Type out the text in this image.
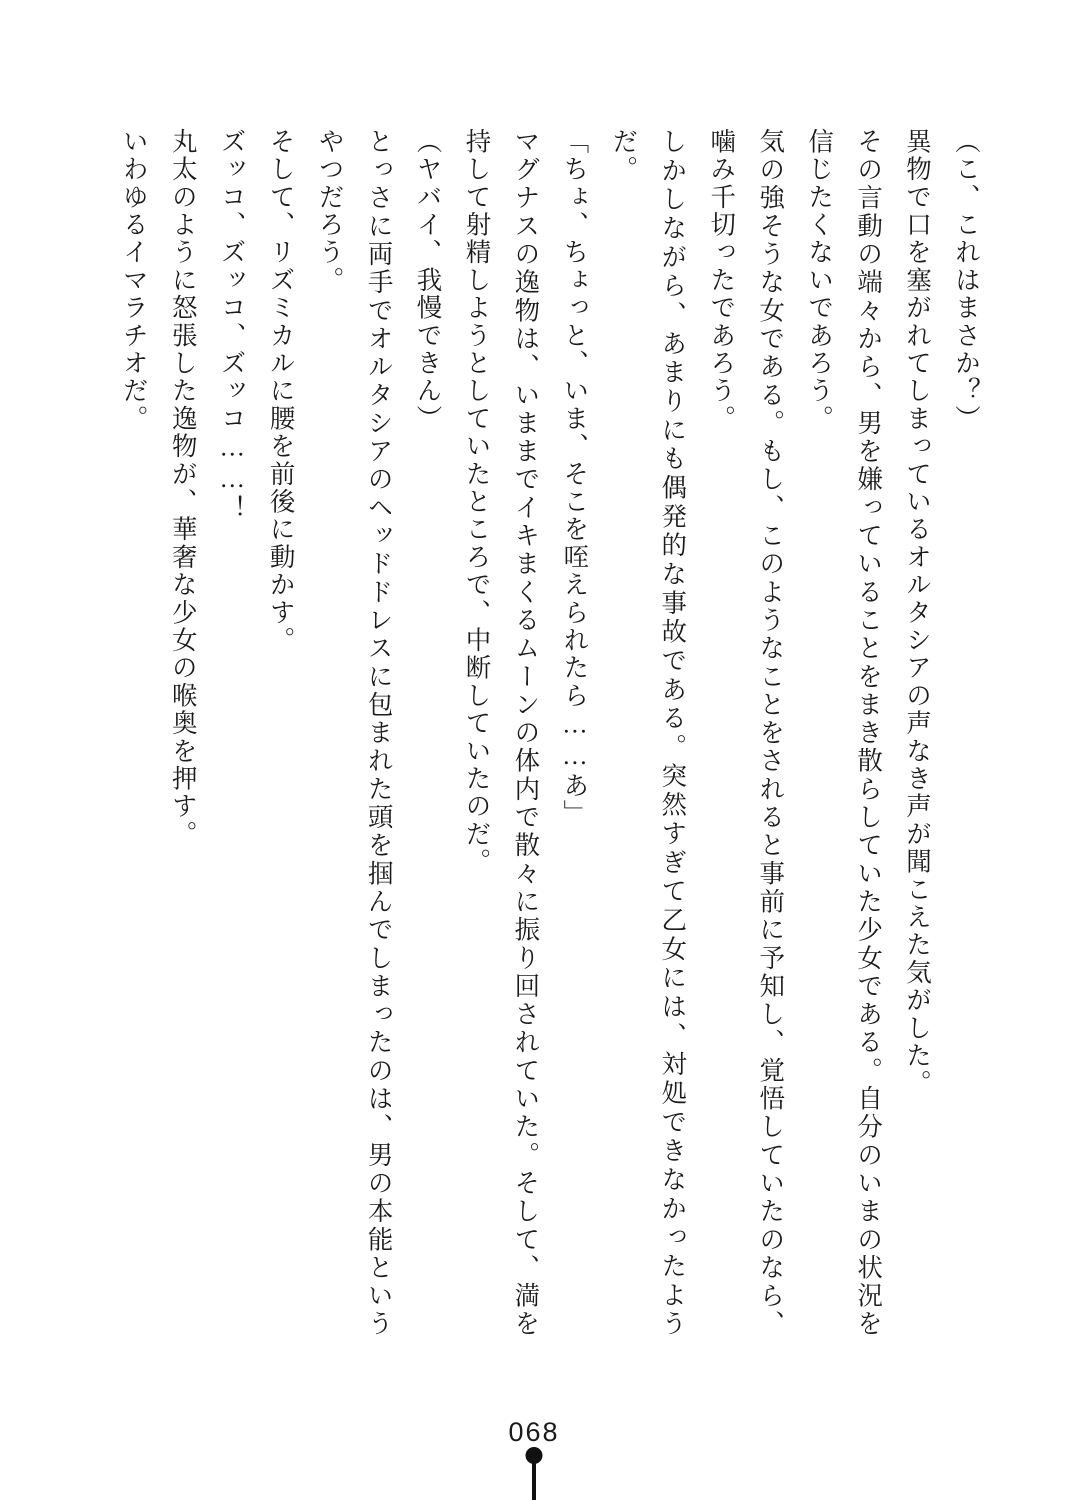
（こ、これはまさか？）

異物で口を塞がれてしまっているオルタシアの声なき声が聞こえた気がした。

その言動の端々から、男を嫌っていることをまき散らしていた少女である。自分のいまの状況を信じたくないであろう。

気の強そうな女である。もし、このようなことをされると事前に予知し、覚悟していたのなら、噛み千切ったであろう。

しかしながら、あまりにも偶発的な事故である。突然すぎて乙女には、対処できなかったようだ。

「ちょ、ちょっと、いま、そこを咥えられたら……あ」

マグナスの逸物は、いままでイキまくるムーンの体内で散々に振り回されていた。そして、満を持して射精しようとしていたところで、中断していたのだ。

（ヤバイ、我慢できん）

とっさに両手でオルタシアのヘッドドレスに包まれた頭を掴んでしまったのは、男の本能というやつだろう。

そして、リズミカルに腰を前後に動かす。

ズッコ、ズッコ、ズッコ……！

丸太のように怒張した逸物が、華奢な少女の喉奥を押す。

いわゆるイマラチオだ。

068
